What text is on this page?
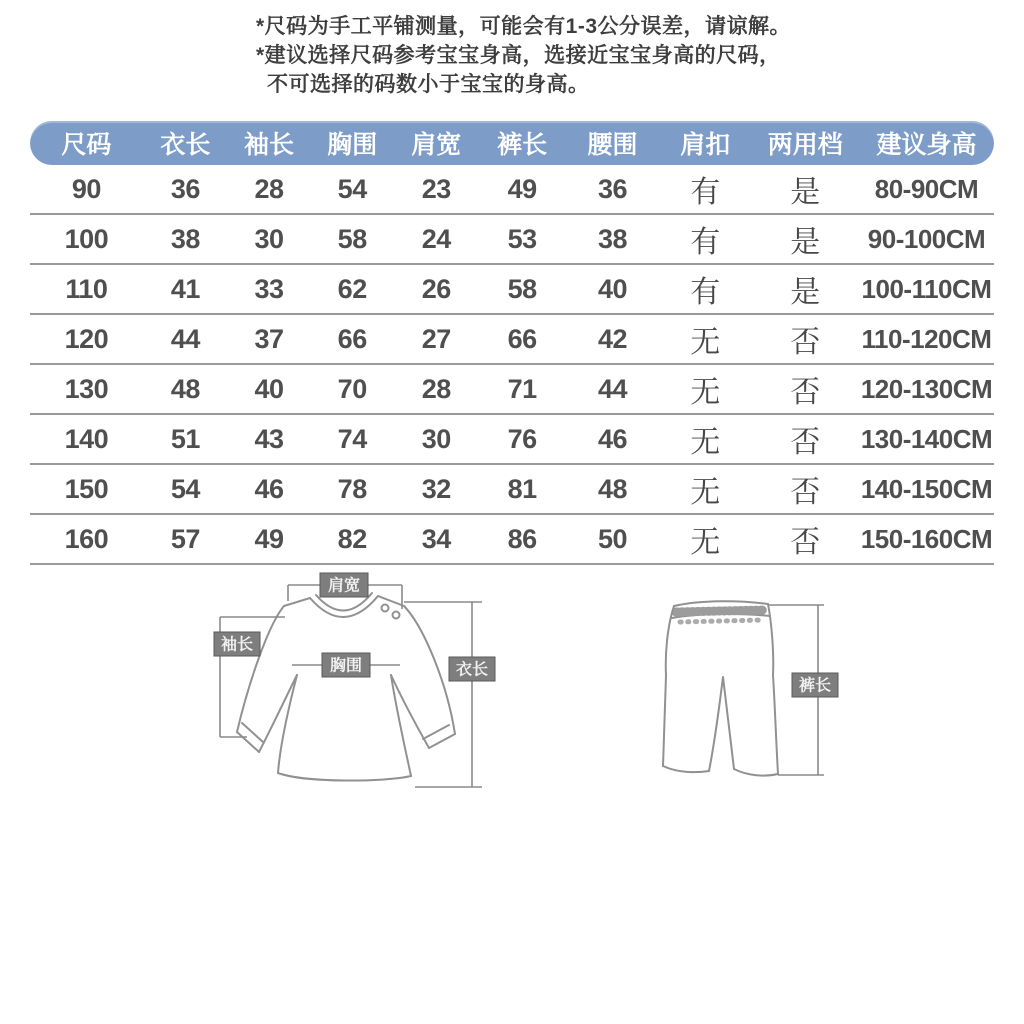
*尺码为手工平铺测量，可能会有1-3公分误差，请谅解。
*建议选择尺码参考宝宝身高，选接近宝宝身高的尺码，
不可选择的码数小于宝宝的身高。
尺码	衣长	袖长	胸围	肩宽	裤长	腰围	肩扣	两用档	建议身高
90	36	28	54	23	49	36	有	是	80-90CM
100	38	30	58	24	53	38	有	是	90-100CM
110	41	33	62	26	58	40	有	是	100-110CM
120	44	37	66	27	66	42	无	否	110-120CM
130	48	40	70	28	71	44	无	否	120-130CM
140	51	43	74	30	76	46	无	否	130-140CM
150	54	46	78	32	81	48	无	否	140-150CM
160	57	49	82	34	86	50	无	否	150-160CM
肩宽
袖长
胸围	衣长
裤长
